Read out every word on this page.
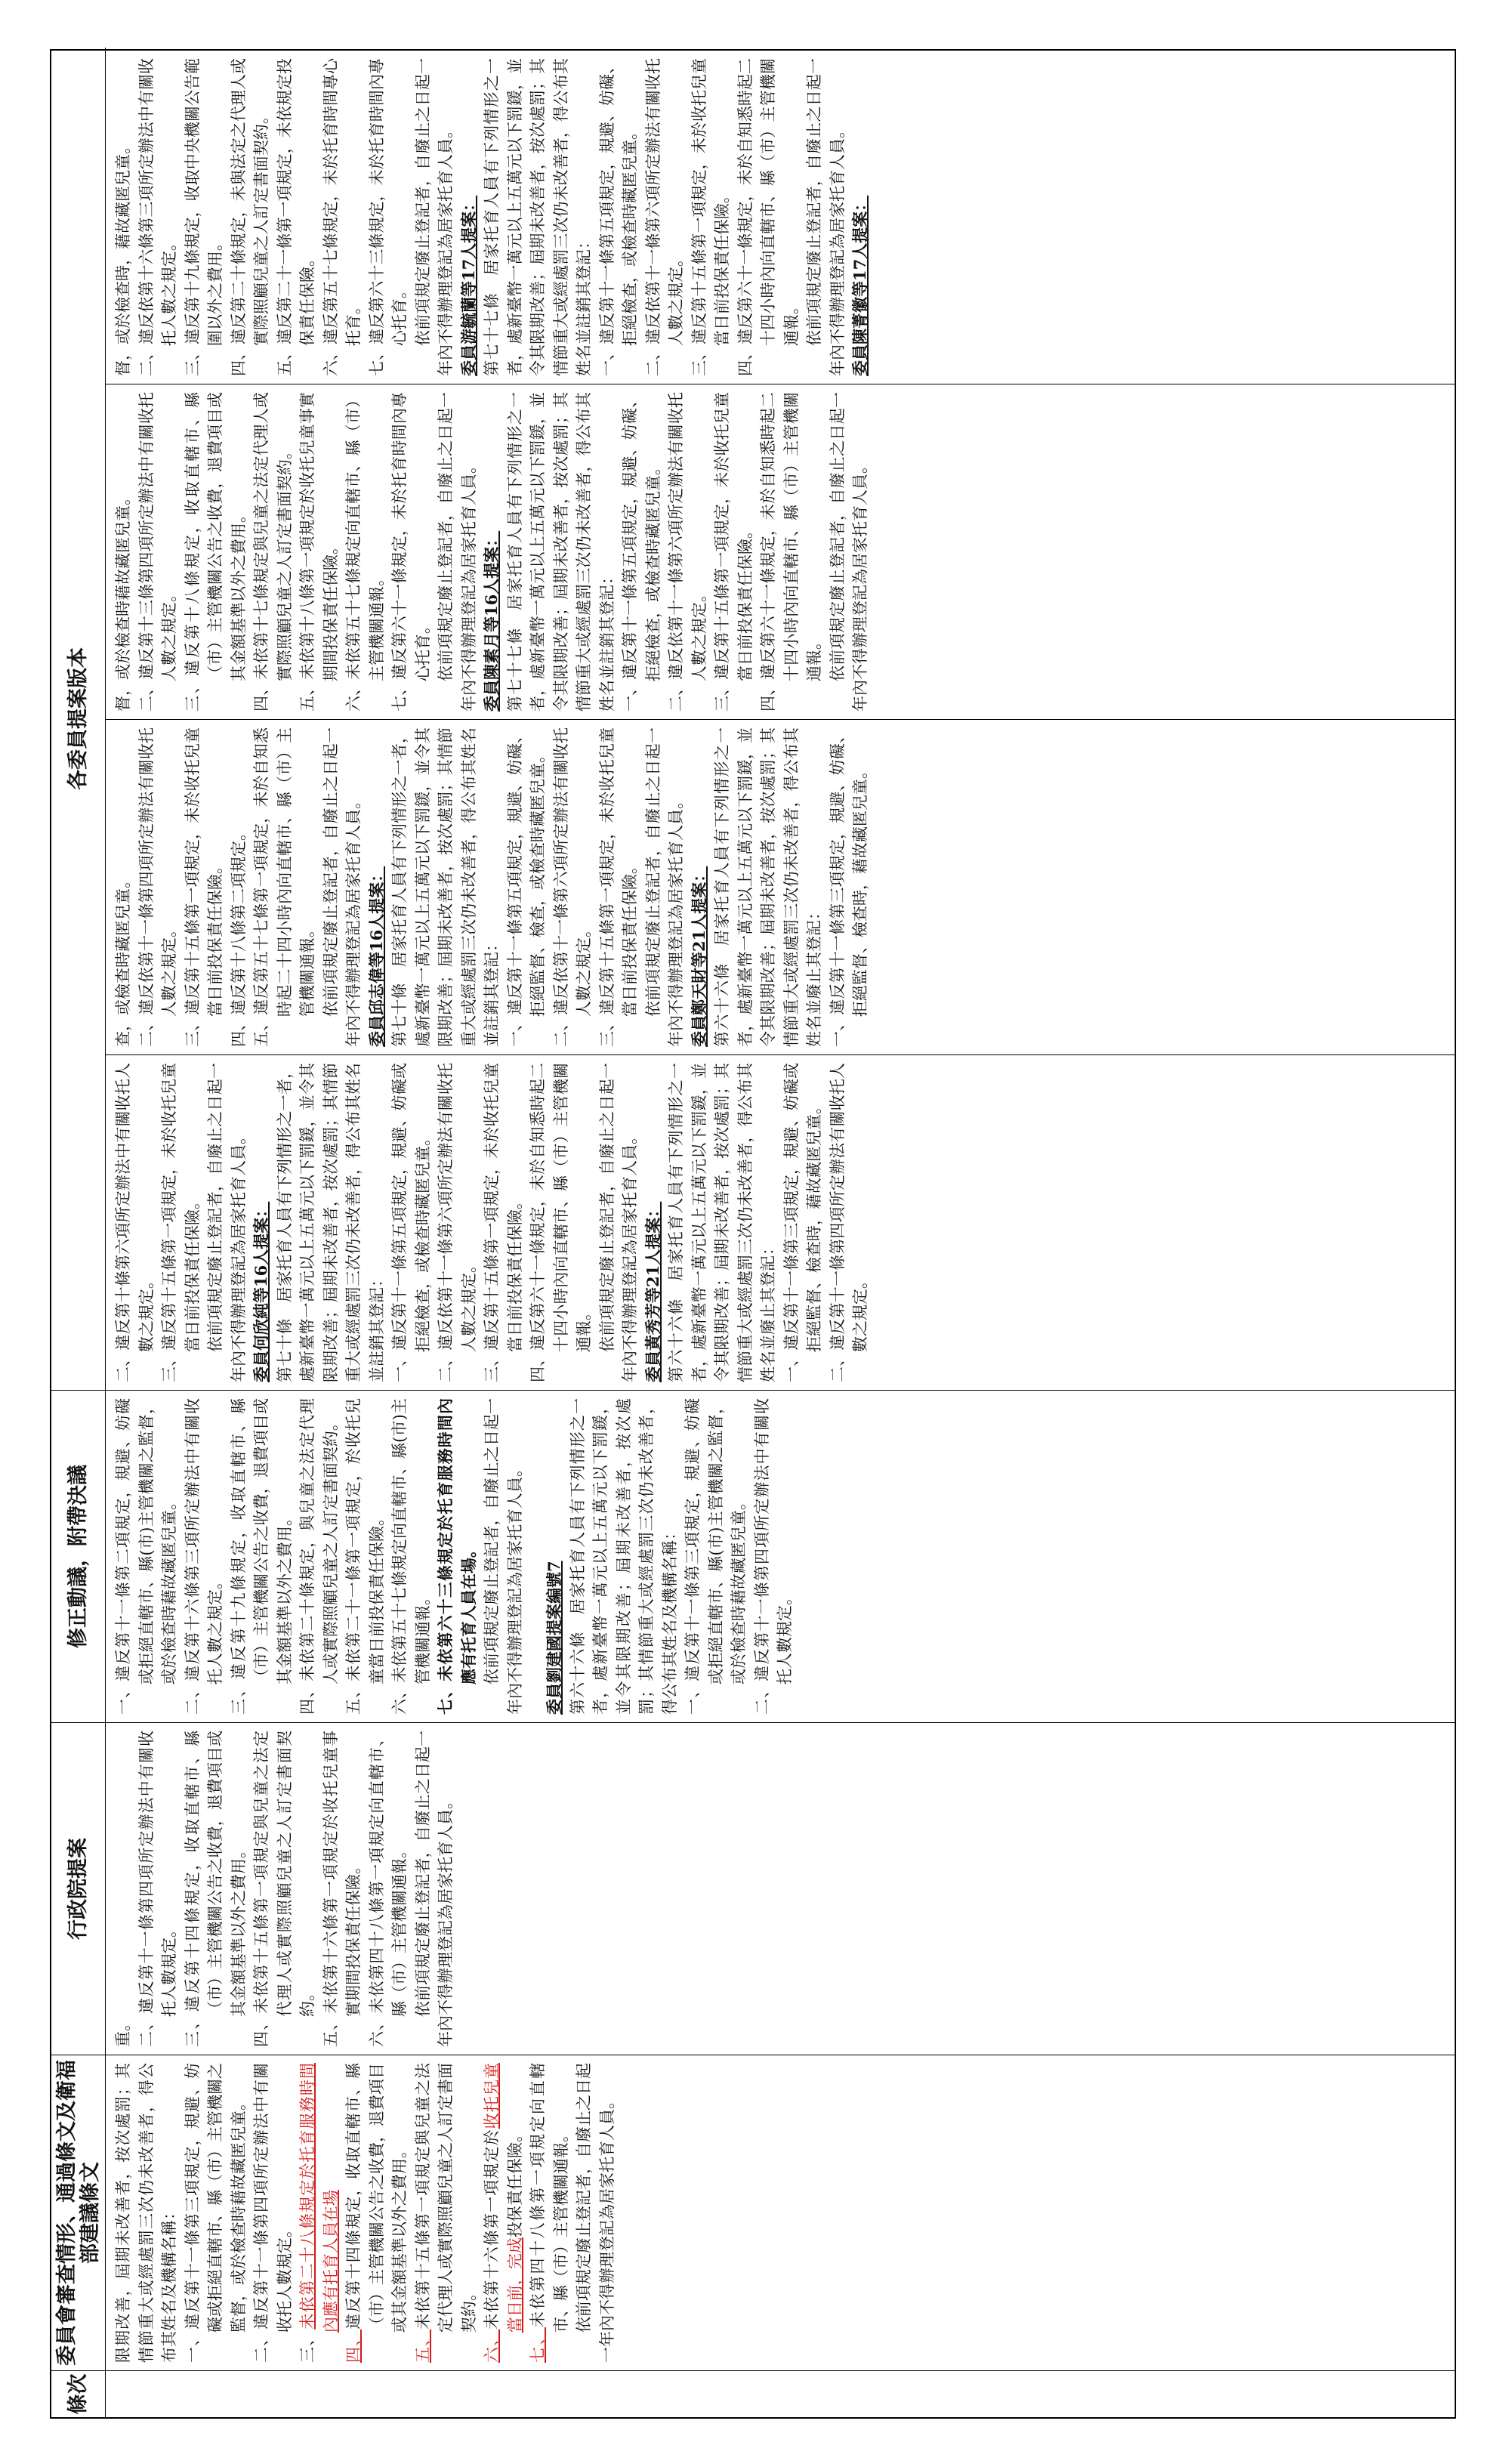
條次
委員會審查情形、通過條文及衛福部建議條文
行政院提案
修正動議，附帶決議
各委員提案版本

限期改善，屆期未改善者，按次處罰；其情節重大或經處罰三次仍未改善者，得公布其姓名及機構名稱： 一、違反第十一條第三項規定，規避、妨礙或拒絕直轄市、縣（市）主管機關之監督，或於檢查時藉故藏匿兒童。 二、違反第十一條第四項所定辦法中有關收托人數規定。

三、未依第二十八條規定於托育服務時間內應有托育人員在場

四、違反第十四條規定，收取直轄市、縣（市）主管機關公告之收費，退費項目或其金額基準以外之費用。

五、未依第十五條第一項規定與兒童之法定代理人或實際照顧兒童之人訂定書面契約。

六、未依第十六條第一項規定於收托兒童當日前，完成投保責任保險。

七、未依第四十八條第一項規定向直轄市、縣（市）主管機關通報。 依前項規定廢止登記者，自廢止之日起一年內不得辦理登記為居家托育人員。

重。 二、違反第十一條第四項所定辦法中有關收托人數規定。 三、違反第十四條規定，收取直轄市、縣（市）主管機關公告之收費，退費項目或其金額基準以外之費用。 四、未依第十五條第一項規定與兒童之法定代理人或實際照顧兒童之人訂定書面契約。 五、未依第十六條第一項規定於收托兒童事實期間投保責任保險。 六、未依第四十八條第一項規定向直轄市、縣（市）主管機關通報。 依前項規定廢止登記者，自廢止之日起一年內不得辦理登記為居家托育人員。

一、違反第十一條第二項規定，規避、妨礙或拒絕直轄市、縣(市)主管機關之監督，或於檢查時藉故藏匿兒童。 二、違反第十六條第三項所定辦法中有關收托人數之規定。 三、違反第十九條規定，收取直轄市、縣（市）主管機關公告之收費，退費項目或其金額基準以外之費用。 四、未依第二十條規定，與兒童之法定代理人或實際照顧兒童之人訂定書面契約。 五、未依第二十一條第一項規定，於收托兒童當日前投保責任保險。 六、未依第五十七條規定向直轄市、縣(市)主管機關通報。

七、未依第六十三條規定於托育服務時間內應有托育人員在場。 依前項規定廢止登記者，自廢止之日起一年內不得辦理登記為居家托育人員。 委員劉建國提案編號7 第六十六條　居家托育人員有下列情形之一者，處新臺幣一萬元以上五萬元以下罰鍰，並令其限期改善；屆期未改善者，按次處罰；其情節重大或經處罰三次仍未改善者，得公布其姓名及機構名稱： 一、違反第十一條第三項規定，規避、妨礙或拒絕直轄市、縣(市)主管機關之監督，或於檢查時藉故藏匿兒童。 二、違反第十一條第四項所定辦法中有關收托人數規定。

二、違反第十條第六項所定辦法中有關收托人數之規定。 三、違反第十五條第一項規定，未於收托兒童當日前投保責任保險。 依前項規定廢止登記者，自廢止之日起一年內不得辦理登記為居家托育人員。 委員何欣純等16人提案： 第七十條　居家托育人員有下列情形之一者，處新臺幣一萬元以上五萬元以下罰鍰，並令其限期改善；屆期未改善者，按次處罰；其情節重大或經處罰三次仍未改善者，得公布其姓名並註銷其登記： 一、違反第十一條第五項規定，規避、妨礙或拒絕檢查，或檢查時藏匿兒童。 二、違反依第十一條第六項所定辦法有關收托人數之規定。 三、違反第十五條第一項規定，未於收托兒童當日前投保責任保險。 四、違反第六十一條規定，未於自知悉時起二十四小時內向直轄市、縣（市）主管機關通報。 依前項規定廢止登記者，自廢止之日起一年內不得辦理登記為居家托育人員。 委員黃秀芳等21人提案： 第六十六條　居家托育人員有下列情形之一者，處新臺幣一萬元以上五萬元以下罰鍰，並令其限期改善；屆期未改善者，按次處罰；其情節重大或經處罰三次仍未改善者，得公布其姓名並廢止其登記： 一、違反第十一條第三項規定，規避、妨礙或拒絕監督、檢查時，藉故藏匿兒童。 二、違反第十一條第四項所定辦法有關收托人數之規定。

查，或檢查時藏匿兒童。 二、違反依第十一條第四項所定辦法有關收托人數之規定。 三、違反第十五條第一項規定，未於收托兒童當日前投保責任保險。 四、違反第十八條第二項規定。 五、違反第五十七條第一項規定，未於自知悉時起二十四小時內向直轄市、縣（市）主管機關通報。 依前項規定廢止登記者，自廢止之日起一年內不得辦理登記為居家托育人員。 委員邱志偉等16人提案： 第七十條　居家托育人員有下列情形之一者，處新臺幣一萬元以上五萬元以下罰鍰，並令其限期改善；屆期未改善者，按次處罰；其情節重大或經處罰三次仍未改善者，得公布其姓名並註銷其登記： 一、違反第十一條第五項規定，規避、妨礙、拒絕監督、檢查，或檢查時藏匿兒童。 二、違反依第十一條第六項所定辦法有關收托人數之規定。 三、違反第十五條第一項規定，未於收托兒童當日前投保責任保險。 依前項規定廢止登記者，自廢止之日起一年內不得辦理登記為居家托育人員。 委員鄭天財等21人提案： 第六十六條　居家托育人員有下列情形之一者，處新臺幣一萬元以上五萬元以下罰鍰，並令其限期改善；屆期未改善者，按次處罰；其情節重大或經處罰三次仍未改善者，得公布其姓名並廢止其登記： 一、違反第十一條第三項規定，規避、妨礙、拒絕監督、檢查時，藉故藏匿兒童。

督，或於檢查時藉故藏匿兒童。 二、違反第十三條第四項所定辦法中有關收托人數之規定。 三、違反第十八條規定，收取直轄市、縣（市）主管機關公告之收費，退費項目或其金額基準以外之費用。 四、未依第十七條規定與兒童之法定代理人或實際照顧兒童之人訂定書面契約。 五、未依第十八條第一項規定於收托兒童事實期間投保責任保險。 六、未依第五十七條規定向直轄市、縣（市）主管機關通報。 七、違反第六十一條規定，未於托育時間內專心托育。 依前項規定廢止登記者，自廢止之日起一年內不得辦理登記為居家托育人員。 委員陳素月等16人提案： 第七十七條　居家托育人員有下列情形之一者，處新臺幣一萬元以上五萬元以下罰鍰，並令其限期改善；屆期未改善者，按次處罰；其情節重大或經處罰三次仍未改善者，得公布其姓名並註銷其登記： 一、違反第十一條第五項規定，規避、妨礙、拒絕檢查，或檢查時藏匿兒童。 二、違反依第十一條第六項所定辦法有關收托人數之規定。 三、違反第十五條第一項規定，未於收托兒童當日前投保責任保險。 四、違反第六十一條規定，未於自知悉時起二十四小時內向直轄市、縣（市）主管機關通報。 依前項規定廢止登記者，自廢止之日起一年內不得辦理登記為居家托育人員。

督，或於檢查時，藉故藏匿兒童。 二、違反依第十六條第三項所定辦法中有關收托人數之規定。 三、違反第十九條規定，收取中央機關公告範圍以外之費用。 四、違反第二十條規定，未與法定之代理人或實際照顧兒童之人訂定書面契約。 五、違反第二十一條第一項規定，未依規定投保責任保險。 六、違反第五十七條規定，未於托育時間專心托育。 七、違反第六十三條規定，未於托育時間內專心托育。 依前項規定廢止登記者，自廢止之日起一年內不得辦理登記為居家托育人員。 委員游毓蘭等17人提案： 第七十七條　居家托育人員有下列情形之一者，處新臺幣一萬元以上五萬元以下罰鍰，並令其限期改善；屆期未改善者，按次處罰；其情節重大或經處罰三次仍未改善者，得公布其姓名並註銷其登記： 一、違反第十一條第五項規定，規避、妨礙、拒絕檢查，或檢查時藏匿兒童。 二、違反依第十一條第六項所定辦法有關收托人數之規定。 三、違反第十五條第一項規定，未於收托兒童當日前投保責任保險。 四、違反第六十一條規定，未於自知悉時起二十四小時內向直轄市、縣（市）主管機關通報。 依前項規定廢止登記者，自廢止之日起一年內不得辦理登記為居家托育人員。 委員陳菁徽等17人提案：
